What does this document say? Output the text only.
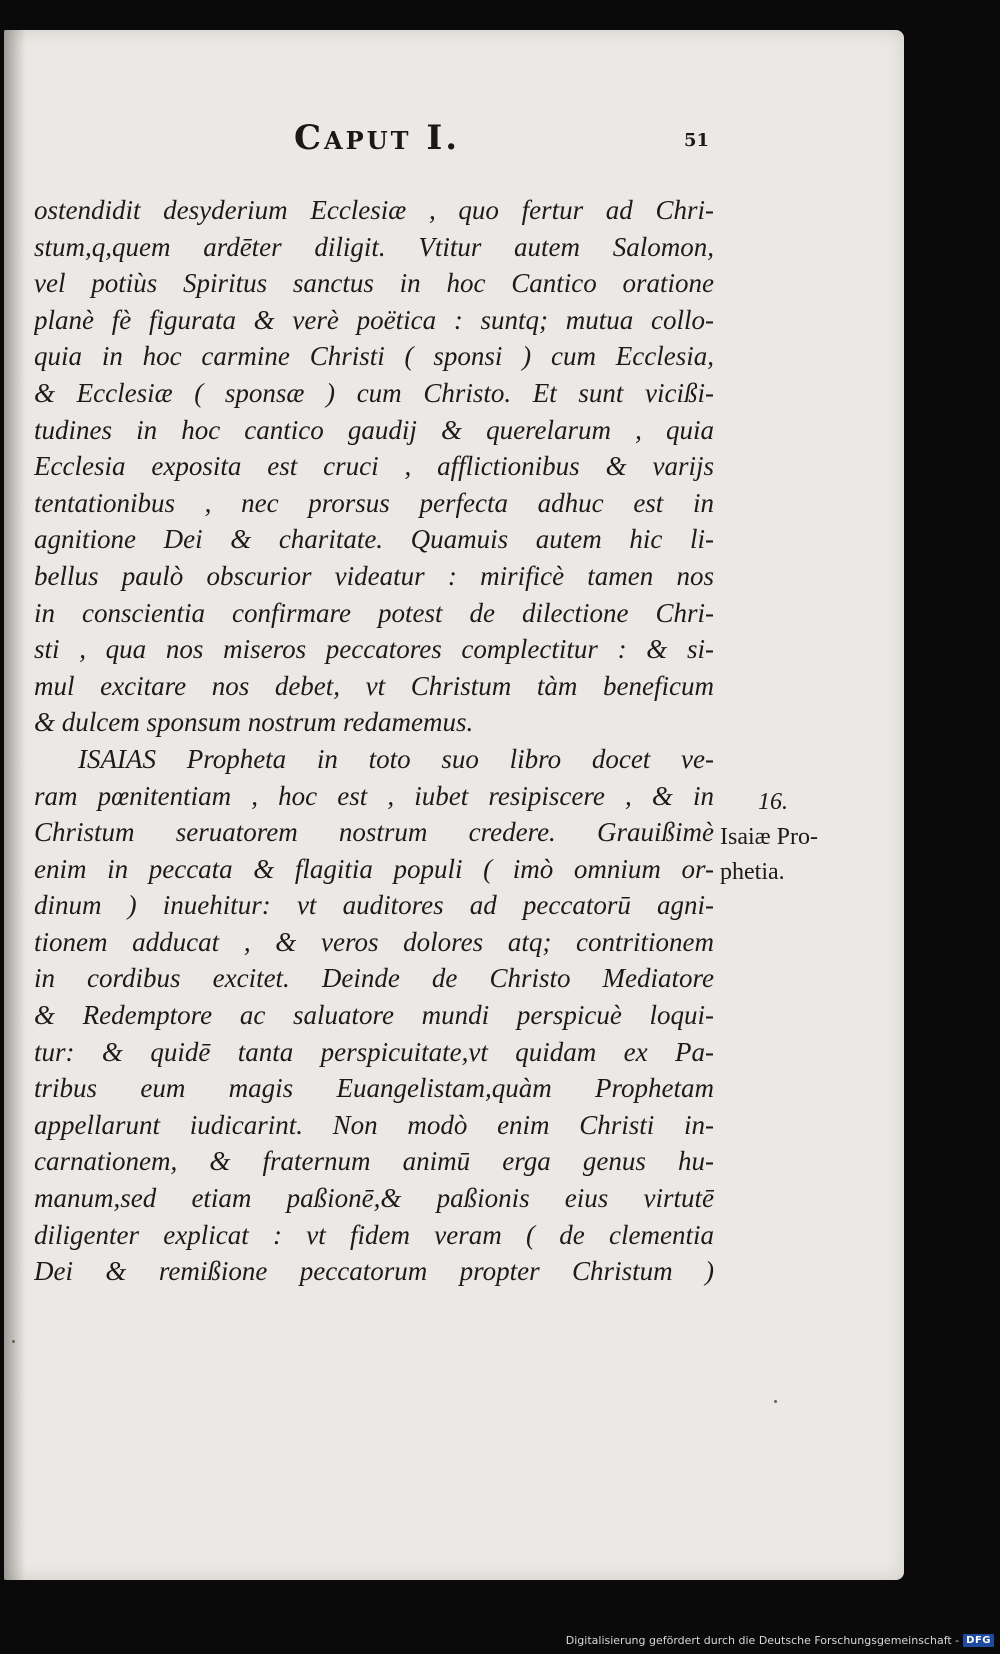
Caput I.	51
ostendidit desyderium Ecclesiæ , quo fertur ad Chri-
stum,q,quem ardēter diligit. Vtitur autem Salomon,
vel potiùs Spiritus sanctus in hoc Cantico oratione
planè fè figurata & verè poëtica : suntq; mutua collo-
quia in hoc carmine Christi ( sponsi ) cum Ecclesia,
& Ecclesiæ ( sponsæ ) cum Christo. Et sunt vicißi-
tudines in hoc cantico gaudij & querelarum , quia
Ecclesia exposita est cruci , afflictionibus & varijs
tentationibus , nec prorsus perfecta adhuc est in
agnitione Dei & charitate. Quamuis autem hic li-
bellus paulò obscurior videatur : mirificè tamen nos
in conscientia confirmare potest de dilectione Chri-
sti , qua nos miseros peccatores complectitur : & si-
mul excitare nos debet, vt Christum tàm beneficum
& dulcem sponsum nostrum redamemus.
ISAIAS Propheta in toto suo libro docet ve-
ram pœnitentiam , hoc est , iubet resipiscere , & in
Christum seruatorem nostrum credere. Grauißimè
enim in peccata & flagitia populi ( imò omnium or-
dinum ) inuehitur: vt auditores ad peccatorū agni-
tionem adducat , & veros dolores atq; contritionem
in cordibus excitet. Deinde de Christo Mediatore
& Redemptore ac saluatore mundi perspicuè loqui-
tur: & quidē tanta perspicuitate,vt quidam ex Pa-
tribus eum magis Euangelistam,quàm Prophetam
appellarunt iudicarint. Non modò enim Christi in-
carnationem, & fraternum animū erga genus hu-
manum,sed etiam paßionē,& paßionis eius virtutē
diligenter explicat : vt fidem veram ( de clementia
Dei & remißione peccatorum propter Christum )
16.
Isaiæ Pro-
phetia.
Digitalisierung gefördert durch die Deutsche Forschungsgemeinschaft - DFG
